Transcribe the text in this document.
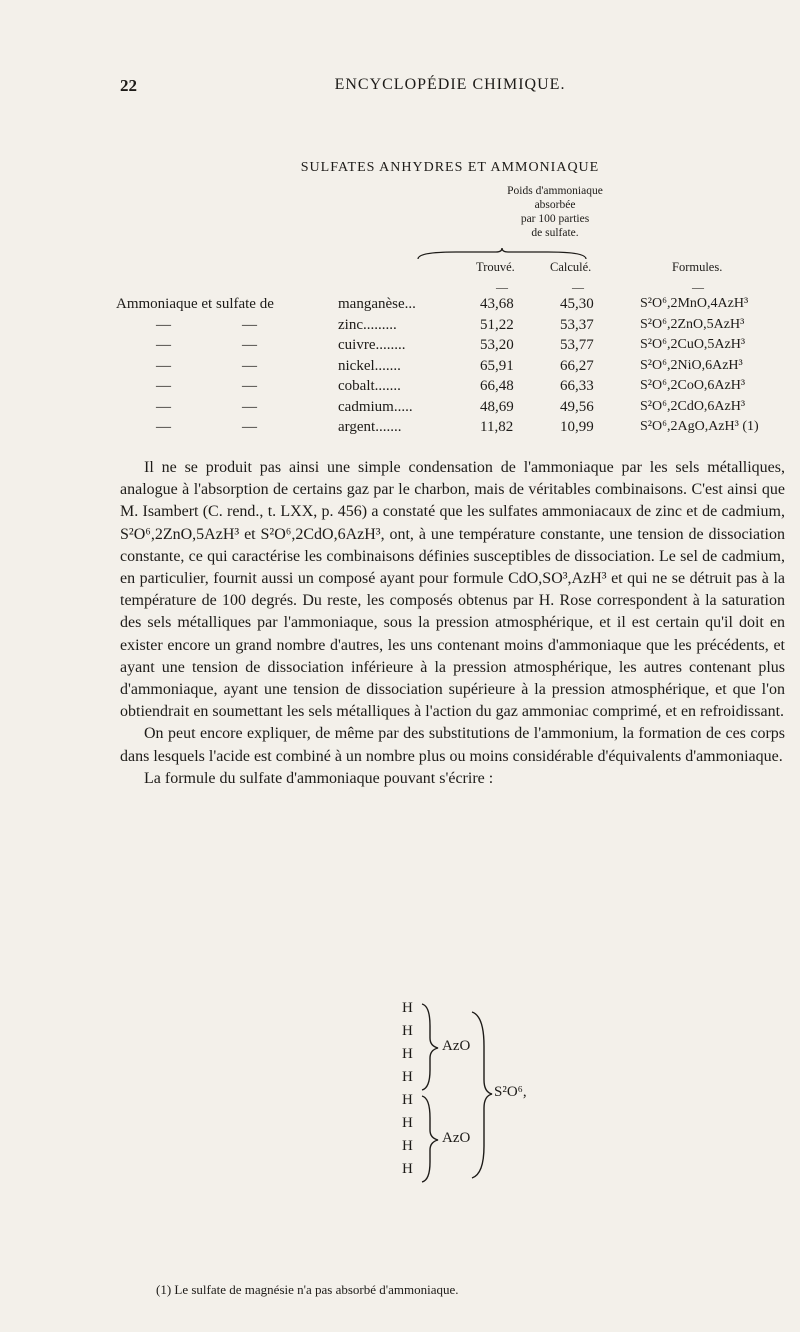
22	ENCYCLOPÉDIE CHIMIQUE.
SULFATES ANHYDRES ET AMMONIAQUE
Poids d'ammoniaque
absorbée
par 100 parties
de sulfate.
Trouvé.	Calculé.	Formules.
—	—	—
Ammoniaque et sulfate de	manganèse...	43,68	45,30	S²O⁶,2MnO,4AzH³
—	—	zinc.........	51,22	53,37	S²O⁶,2ZnO,5AzH³
—	—	cuivre........	53,20	53,77	S²O⁶,2CuO,5AzH³
—	—	nickel.......	65,91	66,27	S²O⁶,2NiO,6AzH³
—	—	cobalt.......	66,48	66,33	S²O⁶,2CoO,6AzH³
—	—	cadmium.....	48,69	49,56	S²O⁶,2CdO,6AzH³
—	—	argent.......	11,82	10,99	S²O⁶,2AgO,AzH³ (1)

Il ne se produit pas ainsi une simple condensation de l'ammoniaque par les sels métalliques, analogue à l'absorption de certains gaz par le charbon, mais de véritables combinaisons. C'est ainsi que M. Isambert (C. rend., t. LXX, p. 456) a constaté que les sulfates ammoniacaux de zinc et de cadmium, S²O⁶,2ZnO,5AzH³ et S²O⁶,2CdO,6AzH³, ont, à une température constante, une tension de dissociation constante, ce qui caractérise les combinaisons définies susceptibles de dissociation. Le sel de cadmium, en particulier, fournit aussi un composé ayant pour formule CdO,SO³,AzH³ et qui ne se détruit pas à la température de 100 degrés. Du reste, les composés obtenus par H. Rose correspondent à la saturation des sels métalliques par l'ammoniaque, sous la pression atmosphérique, et il est certain qu'il doit en exister encore un grand nombre d'autres, les uns contenant moins d'ammoniaque que les précédents, et ayant une tension de dissociation inférieure à la pression atmosphérique, les autres contenant plus d'ammoniaque, ayant une tension de dissociation supérieure à la pression atmosphérique, et que l'on obtiendrait en soumettant les sels métalliques à l'action du gaz ammoniac comprimé, et en refroidissant.

On peut encore expliquer, de même par des substitutions de l'ammonium, la formation de ces corps dans lesquels l'acide est combiné à un nombre plus ou moins considérable d'équivalents d'ammoniaque.

La formule du sulfate d'ammoniaque pouvant s'écrire :

H
H
H
H
H
H
H
H
AzO
AzO
S²O⁶,
(1) Le sulfate de magnésie n'a pas absorbé d'ammoniaque.
